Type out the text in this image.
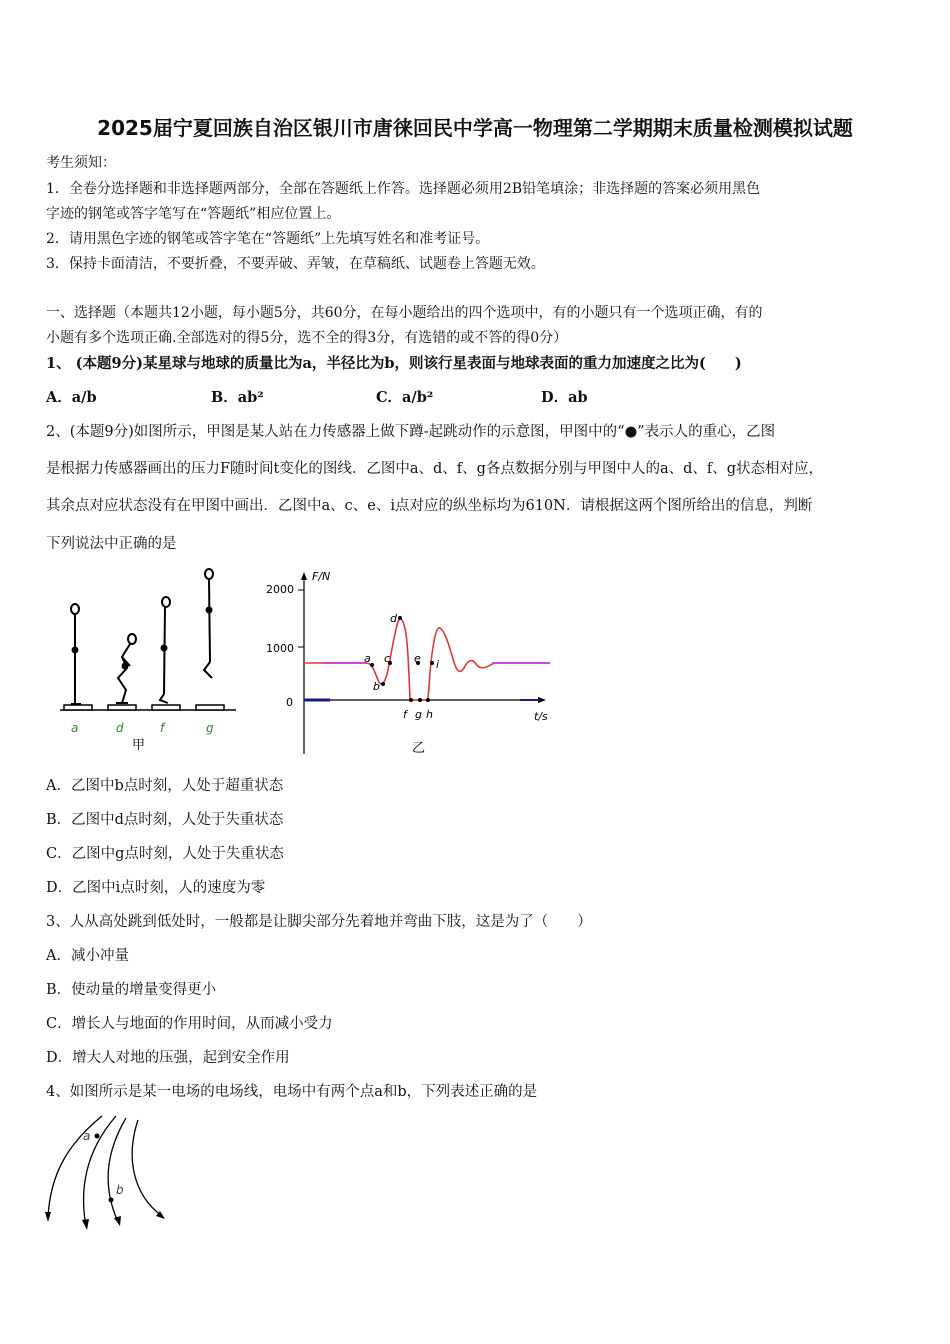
2025届宁夏回族自治区银川市唐徕回民中学高一物理第二学期期末质量检测模拟试题
考生须知：
1．全卷分选择题和非选择题两部分，全部在答题纸上作答。选择题必须用2B铅笔填涂；非选择题的答案必须用黑色
字迹的钢笔或答字笔写在“答题纸”相应位置上。
2．请用黑色字迹的钢笔或答字笔在“答题纸”上先填写姓名和准考证号。
3．保持卡面清洁，不要折叠，不要弄破、弄皱，在草稿纸、试题卷上答题无效。
一、选择题（本题共12小题，每小题5分，共60分，在每小题给出的四个选项中，有的小题只有一个选项正确，有的
小题有多个选项正确.全部选对的得5分，选不全的得3分，有选错的或不答的得0分）
1、 (本题9分)某星球与地球的质量比为a，半径比为b，则该行星表面与地球表面的重力加速度之比为(　　)
A．a/b	B．ab²	C．a/b²	D．ab
2、(本题9分)如图所示，甲图是某人站在力传感器上做下蹲-起跳动作的示意图，甲图中的“●”表示人的重心，乙图
是根据力传感器画出的压力F随时间t变化的图线．乙图中a、d、f、g各点数据分别与甲图中人的a、d、f、g状态相对应，
其余点对应状态没有在甲图中画出．乙图中a、c、e、i点对应的纵坐标均为610N．请根据这两个图所给出的信息，判断
下列说法中正确的是
a	d	f	g
甲
F/N
2000
1000
0
t/s
a
b
c
d
e i
f g h
乙
A．乙图中b点时刻，人处于超重状态
B．乙图中d点时刻，人处于失重状态
C．乙图中g点时刻，人处于失重状态
D．乙图中i点时刻，人的速度为零
3、人从高处跳到低处时，一般都是让脚尖部分先着地并弯曲下肢，这是为了（　　）
A．减小冲量
B．使动量的增量变得更小
C．增长人与地面的作用时间，从而减小受力
D．增大人对地的压强，起到安全作用
4、如图所示是某一电场的电场线，电场中有两个点a和b，下列表述正确的是
a
b
